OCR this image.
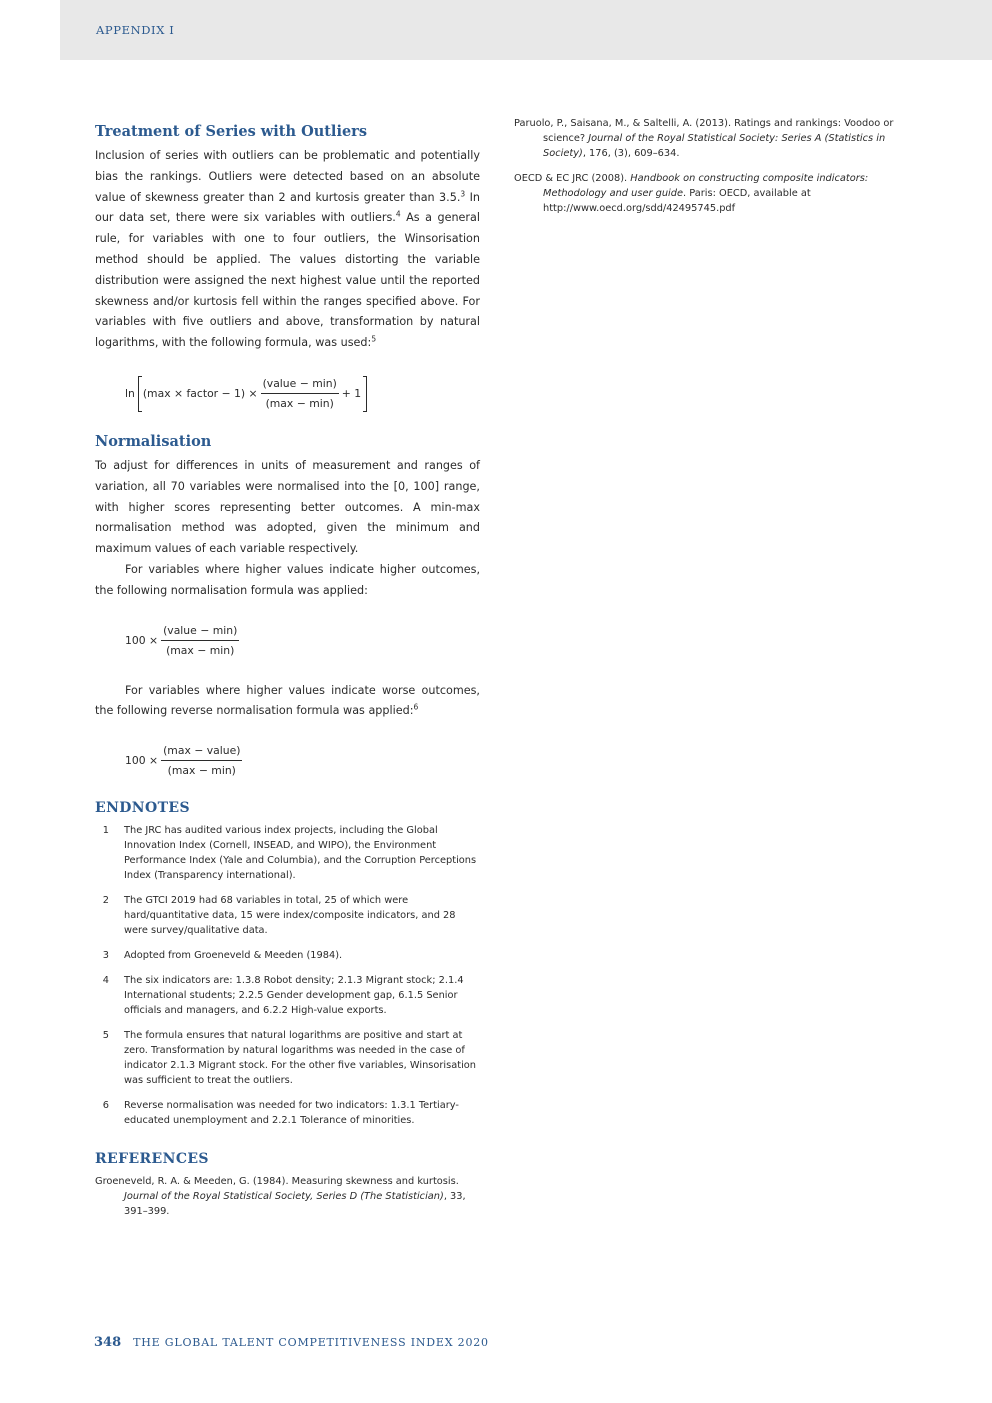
APPENDIX I
Treatment of Series with Outliers

Inclusion of series with outliers can be problematic and potentially bias the rankings. Outliers were detected based on an absolute value of skewness greater than 2 and kurtosis greater than 3.5.$^3$ In our data set, there were six variables with outliers.$^4$ As a general rule, for variables with one to four outliers, the Winsorisation method should be applied. The values distorting the variable distribution were assigned the next highest value until the reported skewness and/or kurtosis fell within the ranges specified above. For variables with five outliers and above, transformation by natural logarithms, with the following formula, was used:$^5$

ln (max × factor − $1) \times \frac{\text{(value − min)}}{(\max - \min)} + 1$
Normalisation

To adjust for differences in units of measurement and ranges of variation, all 70 variables were normalised into the [0, 100] range, with higher scores representing better outcomes. A min-max normalisation method was adopted, given the minimum and maximum values of each variable respectively.

For variables where higher values indicate higher outcomes, the following normalisation formula was applied:

$100 \times \frac{\text{(value − min)}}{(\max - \min)}$

For variables where higher values indicate worse outcomes, the following reverse normalisation formula was applied:$^6$

$100 \times \frac{\text{(max − value)}}{(\max - \min)}$
ENDNOTES
1 The JRC has audited various index projects, including the Global Innovation Index (Cornell, INSEAD, and WIPO), the Environment Performance Index (Yale and Columbia), and the Corruption Perceptions Index (Transparency international).
2 The GTCI 2019 had 68 variables in total, 25 of which were hard/quantitative data, 15 were index/composite indicators, and 28 were survey/qualitative data.
3 Adopted from Groeneveld & Meeden (1984).
4 The six indicators are: 1.3.8 Robot density; 2.1.3 Migrant stock; 2.1.4 International students; 2.2.5 Gender development gap, 6.1.5 Senior officials and managers, and 6.2.2 High-value exports.
5 The formula ensures that natural logarithms are positive and start at zero. Transformation by natural logarithms was needed in the case of indicator 2.1.3 Migrant stock. For the other five variables, Winsorisation was sufficient to treat the outliers.
6 Reverse normalisation was needed for two indicators: 1.3.1 Tertiary-educated unemployment and 2.2.1 Tolerance of minorities.
REFERENCES

Groeneveld, R. A. & Meeden, G. (1984). Measuring skewness and kurtosis. Journal of the Royal Statistical Society, Series D (The Statistician), 33, 391–399.

Paruolo, P., Saisana, M., & Saltelli, A. (2013). Ratings and rankings: Voodoo or science? Journal of the Royal Statistical Society: Series A (Statistics in Society), 176, (3), 609–634.

OECD & EC JRC (2008). Handbook on constructing composite indicators: Methodology and user guide. Paris: OECD, available at http://www.oecd.org/sdd/42495745.pdf

348 THE GLOBAL TALENT COMPETITIVENESS INDEX 2020
